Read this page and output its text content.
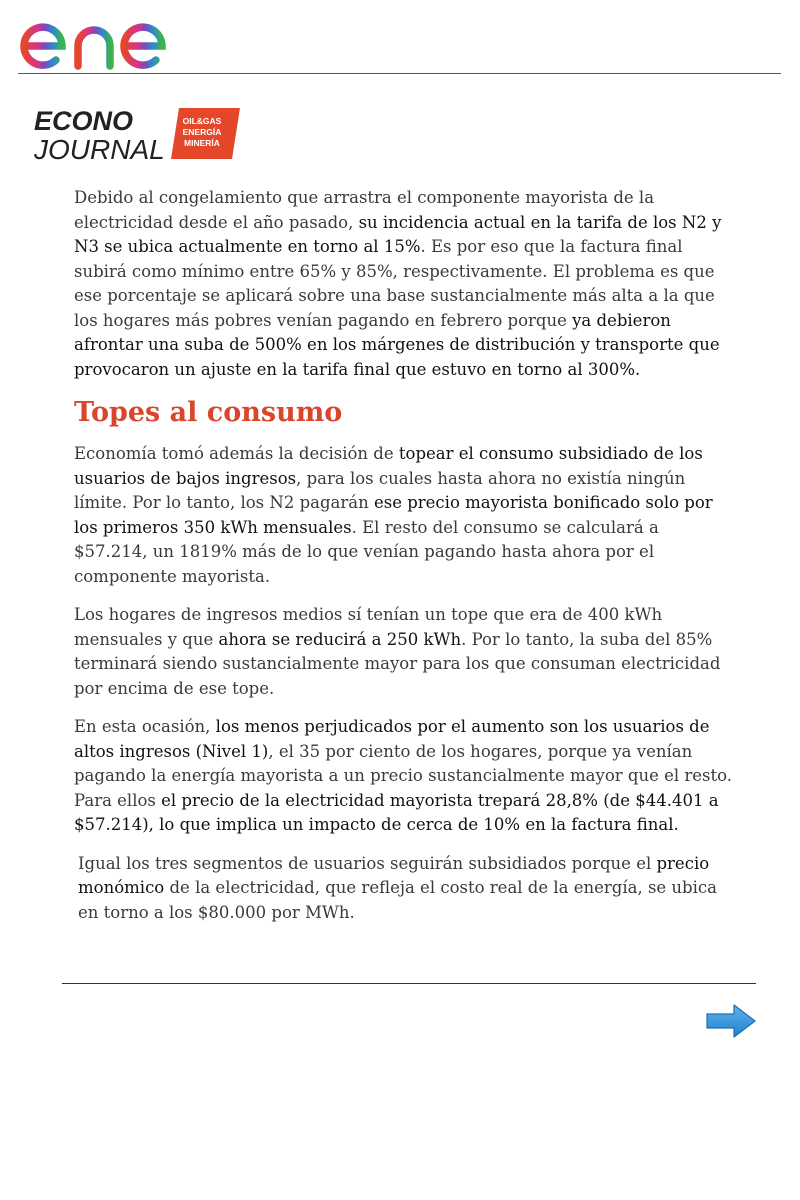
ECONO
JOURNAL
OIL&GAS
ENERGÍA
MINERÍA

Debido al congelamiento que arrastra el componente mayorista de la electricidad desde el año pasado, su incidencia actual en la tarifa de los N2 y N3 se ubica actualmente en torno al 15%. Es por eso que la factura final subirá como mínimo entre 65% y 85%, respectivamente. El problema es que ese porcentaje se aplicará sobre una base sustancialmente más alta a la que los hogares más pobres venían pagando en febrero porque ya debieron afrontar una suba de 500% en los márgenes de distribución y transporte que provocaron un ajuste en la tarifa final que estuvo en torno al 300%.

Topes al consumo

Economía tomó además la decisión de topear el consumo subsidiado de los usuarios de bajos ingresos, para los cuales hasta ahora no existía ningún límite. Por lo tanto, los N2 pagarán ese precio mayorista bonificado solo por los primeros 350 kWh mensuales. El resto del consumo se calculará a $57.214, un 1819% más de lo que venían pagando hasta ahora por el componente mayorista.

Los hogares de ingresos medios sí tenían un tope que era de 400 kWh mensuales y que ahora se reducirá a 250 kWh. Por lo tanto, la suba del 85% terminará siendo sustancialmente mayor para los que consuman electricidad por encima de ese tope.

En esta ocasión, los menos perjudicados por el aumento son los usuarios de altos ingresos (Nivel 1), el 35 por ciento de los hogares, porque ya venían pagando la energía mayorista a un precio sustancialmente mayor que el resto. Para ellos el precio de la electricidad mayorista trepará 28,8% (de $44.401 a $57.214), lo que implica un impacto de cerca de 10% en la factura final.

Igual los tres segmentos de usuarios seguirán subsidiados porque el precio monómico de la electricidad, que refleja el costo real de la energía, se ubica en torno a los $80.000 por MWh.
